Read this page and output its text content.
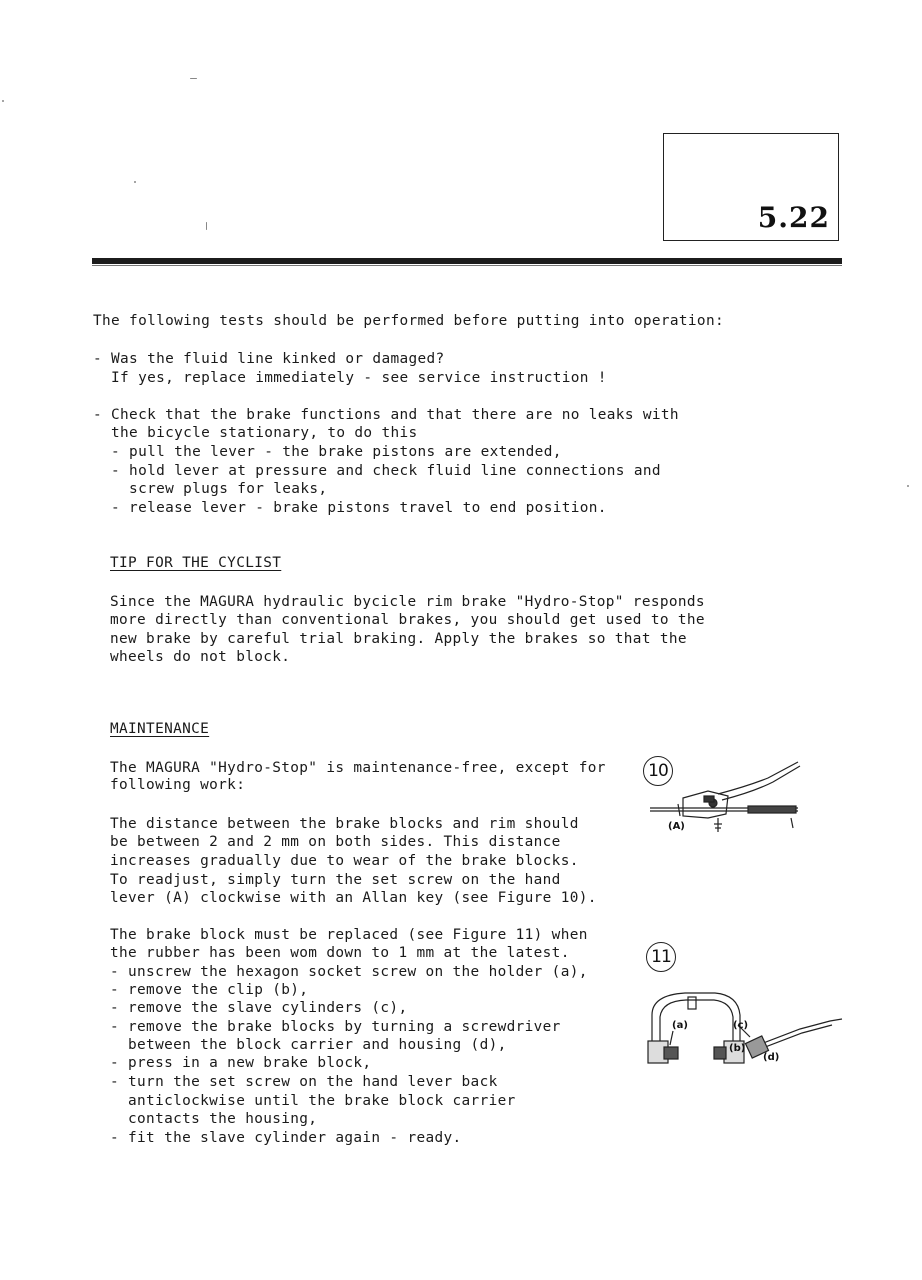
5.22
The following tests should be performed before putting into operation:
- Was the fluid line kinked or damaged?
If yes, replace immediately - see service instruction !
- Check that the brake functions and that there are no leaks with
the bicycle stationary, to do this
- pull the lever - the brake pistons are extended,
- hold lever at pressure and check fluid line connections and
screw plugs for leaks,
- release lever - brake pistons travel to end position.
TIP FOR THE CYCLIST
Since the MAGURA hydraulic bycicle rim brake "Hydro-Stop" responds
more directly than conventional brakes, you should get used to the
new brake by careful trial braking. Apply the brakes so that the
wheels do not block.
MAINTENANCE
The MAGURA "Hydro-Stop" is maintenance-free, except for
following work:
The distance between the brake blocks and rim should
be between 2 and 2 mm on both sides. This distance
increases gradually due to wear of the brake blocks.
To readjust, simply turn the set screw on the hand
lever (A) clockwise with an Allan key (see Figure 10).
The brake block must be replaced (see Figure 11) when
the rubber has been wom down to 1 mm at the latest.
- unscrew the hexagon socket screw on the holder (a),
- remove the clip (b),
- remove the slave cylinders (c),
- remove the brake blocks by turning a screwdriver
between the block carrier and housing (d),
- press in a new brake block,
- turn the set screw on the hand lever back
anticlockwise until the brake block carrier
contacts the housing,
- fit the slave cylinder again - ready.
10
(A)
11
(a)
(b)
(c)
(d)
